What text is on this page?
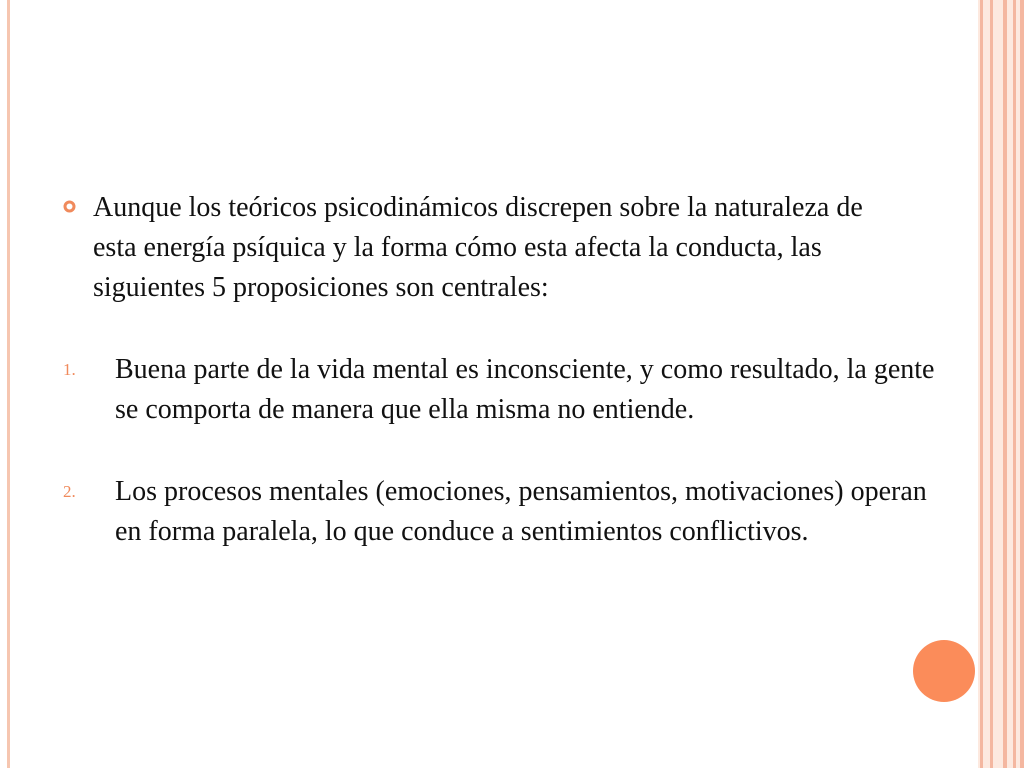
Aunque los teóricos psicodinámicos discrepen sobre la naturaleza de esta energía psíquica y la forma cómo esta afecta la conducta, las siguientes 5 proposiciones son centrales:
1. Buena parte de la vida mental es inconsciente, y como resultado, la gente se comporta de manera que ella misma no entiende.
2. Los procesos mentales (emociones, pensamientos, motivaciones) operan en forma paralela, lo que conduce a sentimientos conflictivos.
